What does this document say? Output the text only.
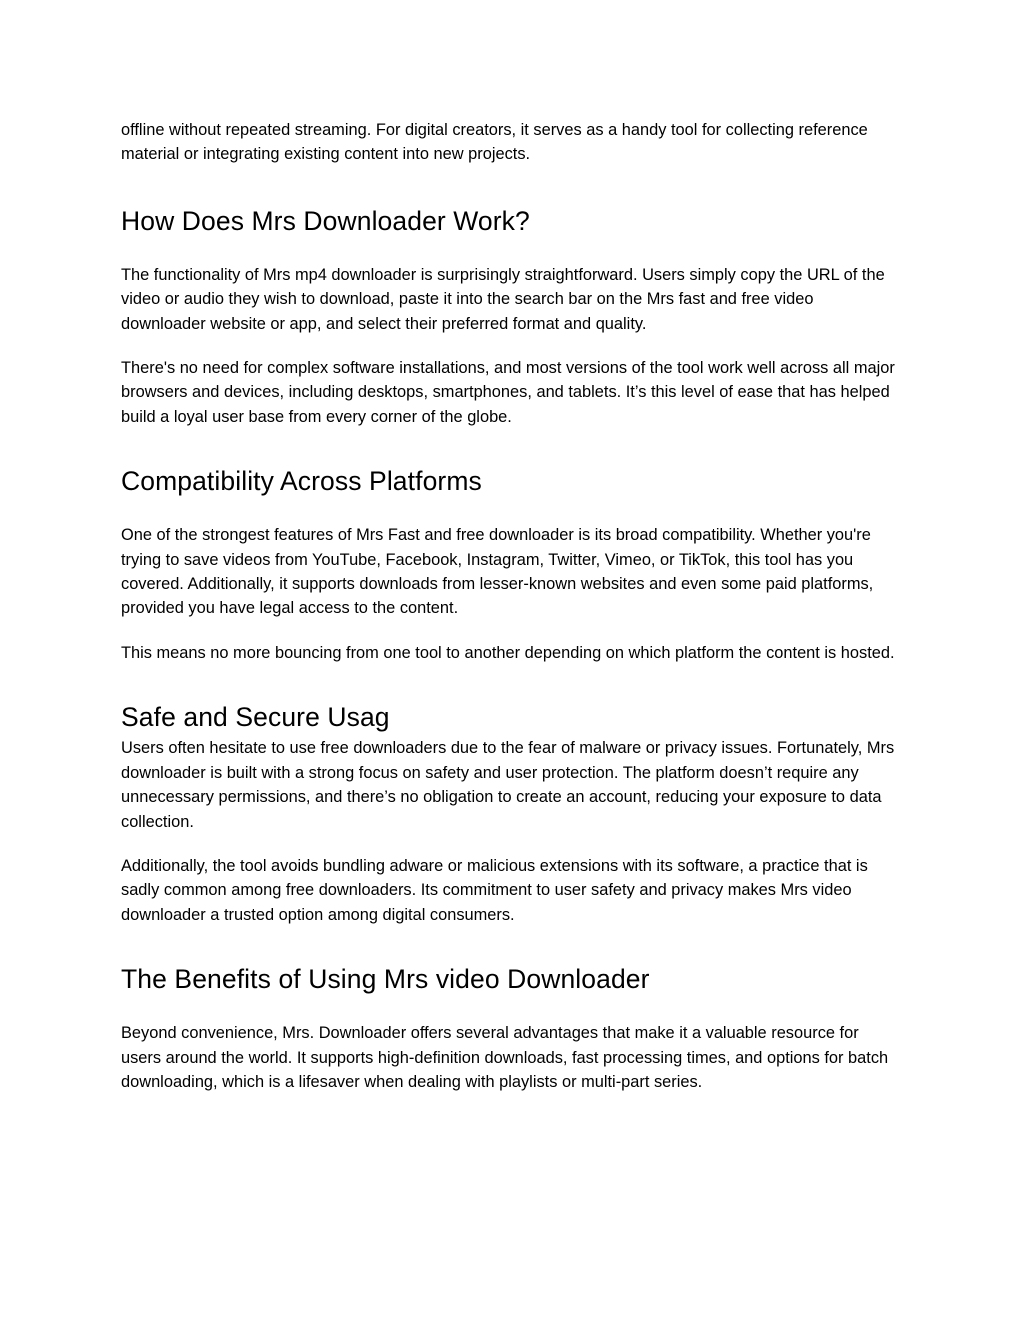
offline without repeated streaming. For digital creators, it serves as a handy tool for collecting reference material or integrating existing content into new projects.

How Does Mrs Downloader Work?

The functionality of Mrs mp4 downloader is surprisingly straightforward. Users simply copy the URL of the video or audio they wish to download, paste it into the search bar on the Mrs fast and free video downloader website or app, and select their preferred format and quality.

There's no need for complex software installations, and most versions of the tool work well across all major browsers and devices, including desktops, smartphones, and tablets. It’s this level of ease that has helped build a loyal user base from every corner of the globe.

Compatibility Across Platforms

One of the strongest features of Mrs Fast and free downloader is its broad compatibility. Whether you're trying to save videos from YouTube, Facebook, Instagram, Twitter, Vimeo, or TikTok, this tool has you covered. Additionally, it supports downloads from lesser-known websites and even some paid platforms, provided you have legal access to the content.

This means no more bouncing from one tool to another depending on which platform the content is hosted.

Safe and Secure Usag

Users often hesitate to use free downloaders due to the fear of malware or privacy issues. Fortunately, Mrs downloader is built with a strong focus on safety and user protection. The platform doesn’t require any unnecessary permissions, and there’s no obligation to create an account, reducing your exposure to data collection.

Additionally, the tool avoids bundling adware or malicious extensions with its software, a practice that is sadly common among free downloaders. Its commitment to user safety and privacy makes Mrs video downloader a trusted option among digital consumers.

The Benefits of Using Mrs video Downloader

Beyond convenience, Mrs. Downloader offers several advantages that make it a valuable resource for users around the world. It supports high-definition downloads, fast processing times, and options for batch downloading, which is a lifesaver when dealing with playlists or multi-part series.
